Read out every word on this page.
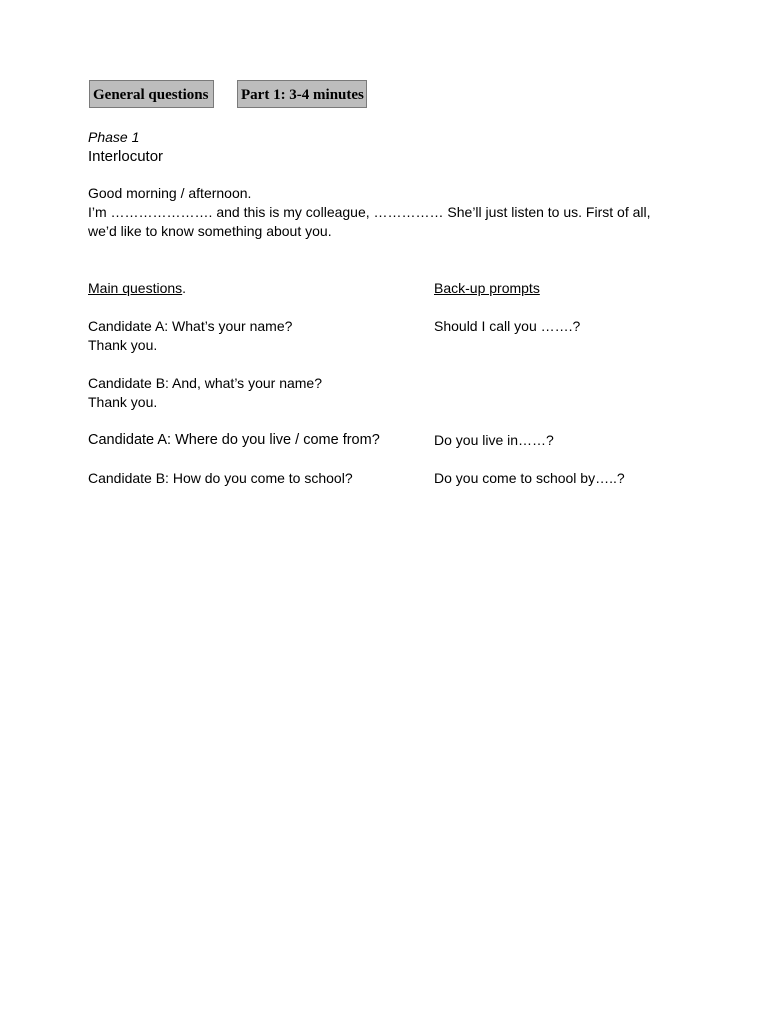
General questions	Part 1: 3-4 minutes
Phase 1
Interlocutor
Good morning / afternoon.
I’m …………………. and this is my colleague, …………… She’ll just listen to us. First of all, we’d like to know something about you.
Main questions.	Back-up prompts
Candidate A: What’s your name?	Should I call you …….?
Thank you.
Candidate B: And, what’s your name?
Thank you.
Candidate A: Where do you live / come from?	Do you live in……?
Candidate B: How do you come to school?	Do you come to school by…..?
